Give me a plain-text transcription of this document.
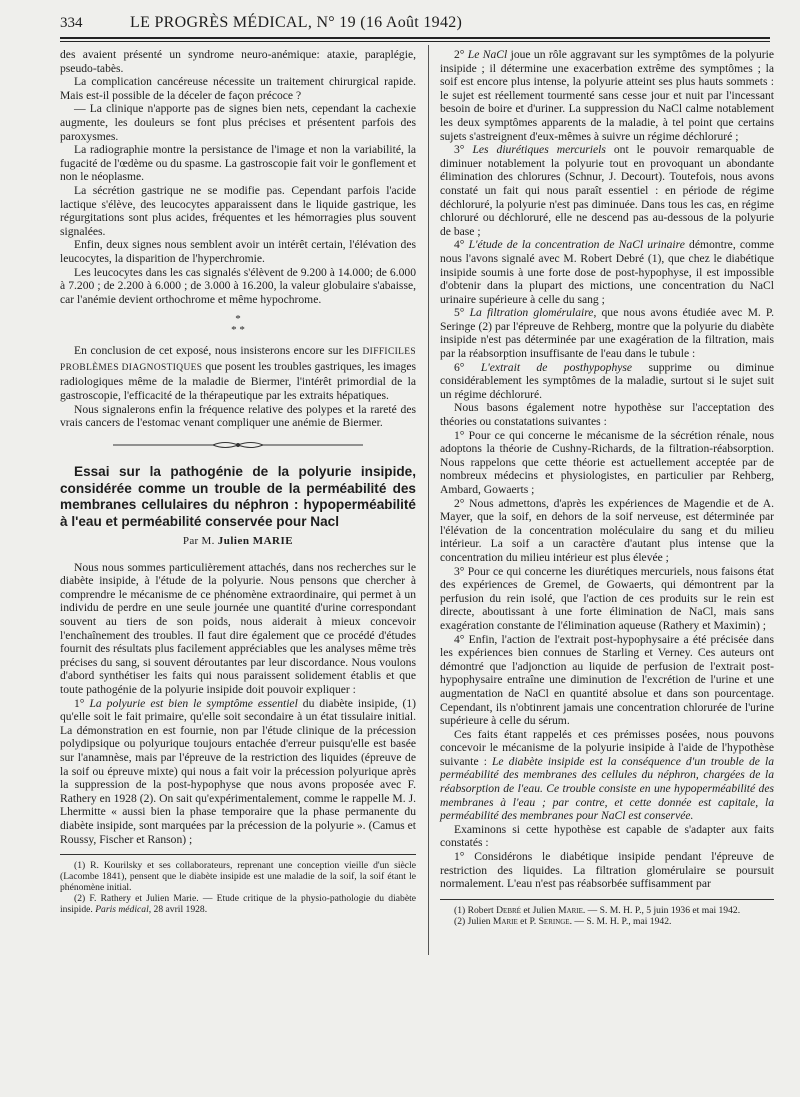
334	LE PROGRÈS MÉDICAL, N° 19 (16 Août 1942)

des avaient présenté un syndrome neuro-anémique: ataxie, paraplégie, pseudo-tabès.

La complication cancéreuse nécessite un traitement chirurgical rapide. Mais est-il possible de la déceler de façon précoce ?

— La clinique n'apporte pas de signes bien nets, cependant la cachexie augmente, les douleurs se font plus précises et présentent parfois des paroxysmes.

La radiographie montre la persistance de l'image et non la variabilité, la fugacité de l'œdème ou du spasme. La gastroscopie fait voir le gonflement et non le néoplasme.

La sécrétion gastrique ne se modifie pas. Cependant parfois l'acide lactique s'élève, des leucocytes apparaissent dans le liquide gastrique, les régurgitations sont plus acides, fréquentes et les hémorragies plus souvent signalées.

Enfin, deux signes nous semblent avoir un intérêt certain, l'élévation des leucocytes, la disparition de l'hyperchromie.

Les leucocytes dans les cas signalés s'élèvent de 9.200 à 14.000; de 6.000 à 7.200 ; de 2.200 à 6.000 ; de 3.000 à 16.200, la valeur globulaire s'abaisse, car l'anémie devient orthochrome et même hypochrome.

*
* *

En conclusion de cet exposé, nous insisterons encore sur les DIFFICILES PROBLÈMES DIAGNOSTIQUES que posent les troubles gastriques, les images radiologiques même de la maladie de Biermer, l'intérêt primordial de la gastroscopie, l'efficacité de la thérapeutique par les extraits hépatiques.

Nous signalerons enfin la fréquence relative des polypes et la rareté des vrais cancers de l'estomac venant compliquer une anémie de Biermer.

Essai sur la pathogénie de la polyurie insipide, considérée comme un trouble de la perméabilité des membranes cellulaires du néphron : hypoperméabilité à l'eau et perméabilité conservée pour Nacl

Par M. Julien MARIE

Nous nous sommes particulièrement attachés, dans nos recherches sur le diabète insipide, à l'étude de la polyurie. Nous pensons que chercher à comprendre le mécanisme de ce phénomène extraordinaire, qui permet à un individu de perdre en une seule journée une quantité d'urine correspondant souvent au tiers de son poids, nous aiderait à mieux concevoir l'enchaînement des troubles. Il faut dire également que ce procédé d'études fournit des résultats plus facilement appréciables que les analyses même très précises du sang, si souvent déroutantes par leur discordance. Nous voulons d'abord synthétiser les faits qui nous paraissent solidement établis et que toute pathogénie de la polyurie insipide doit pouvoir expliquer :

1° La polyurie est bien le symptôme essentiel du diabète insipide, (1) qu'elle soit le fait primaire, qu'elle soit secondaire à un état tissulaire initial. La démonstration en est fournie, non par l'étude clinique de la précession polydipsique ou polyurique toujours entachée d'erreur puisqu'elle est basée sur l'anamnèse, mais par l'épreuve de la restriction des liquides (épreuve de la soif ou épreuve mixte) qui nous a fait voir la précession polyurique après la suppression de la post-hypophyse que nous avons proposée avec F. Rathery en 1928 (2). On sait qu'expérimentalement, comme le rappelle M. J. Lhermitte « aussi bien la phase temporaire que la phase permanente du diabète insipide, sont marquées par la précession de la polyurie ». (Camus et Roussy, Fischer et Ranson) ;

(1) R. Kourilsky et ses collaborateurs, reprenant une conception vieille d'un siècle (Lacombe 1841), pensent que le diabète insipide est une maladie de la soif, la soif étant le phénomène initial.

(2) F. Rathery et Julien Marie. — Etude critique de la physio-pathologie du diabète insipide. Paris médical, 28 avril 1928.

2° Le NaCl joue un rôle aggravant sur les symptômes de la polyurie insipide ; il détermine une exacerbation extrême des symptômes ; la soif est encore plus intense, la polyurie atteint ses plus hauts sommets : le sujet est réellement tourmenté sans cesse jour et nuit par l'incessant besoin de boire et d'uriner. La suppression du NaCl calme notablement les deux symptômes apparents de la maladie, à tel point que certains sujets s'astreignent d'eux-mêmes à suivre un régime déchloruré ;

3° Les diurétiques mercuriels ont le pouvoir remarquable de diminuer notablement la polyurie tout en provoquant un abondante élimination des chlorures (Schnur, J. Decourt). Toutefois, nous avons constaté un fait qui nous paraît essentiel : en période de régime déchloruré, la polyurie n'est pas diminuée. Dans tous les cas, en régime chloruré ou déchloruré, elle ne descend pas au-dessous de la polyurie de base ;

4° L'étude de la concentration de NaCl urinaire démontre, comme nous l'avons signalé avec M. Robert Debré (1), que chez le diabétique insipide soumis à une forte dose de post-hypophyse, il est impossible d'obtenir dans la plupart des mictions, une concentration du NaCl urinaire supérieure à celle du sang ;

5° La filtration glomérulaire, que nous avons étudiée avec M. P. Seringe (2) par l'épreuve de Rehberg, montre que la polyurie du diabète insipide n'est pas déterminée par une exagération de la filtration, mais par la réabsorption insuffisante de l'eau dans le tubule :

6° L'extrait de posthypophyse supprime ou diminue considérablement les symptômes de la maladie, surtout si le sujet suit un régime déchloruré.

Nous basons également notre hypothèse sur l'acceptation des théories ou constatations suivantes :

1° Pour ce qui concerne le mécanisme de la sécrétion rénale, nous adoptons la théorie de Cushny-Richards, de la filtration-réabsorption. Nous rappelons que cette théorie est actuellement acceptée par de nombreux médecins et physiologistes, en particulier par Rehberg, Ambard, Gowaerts ;

2° Nous admettons, d'après les expériences de Magendie et de A. Mayer, que la soif, en dehors de la soif nerveuse, est déterminée par l'élévation de la concentration moléculaire du sang et du milieu intérieur. La soif a un caractère d'autant plus intense que la concentration du milieu intérieur est plus élevée ;

3° Pour ce qui concerne les diurétiques mercuriels, nous faisons état des expériences de Gremel, de Gowaerts, qui démontrent par la perfusion du rein isolé, que l'action de ces produits sur le rein est directe, aboutissant à une forte élimination de NaCl, mais sans exagération constante de l'élimination aqueuse (Rathery et Maximin) ;

4° Enfin, l'action de l'extrait post-hypophysaire a été précisée dans les expériences bien connues de Starling et Verney. Ces auteurs ont démontré que l'adjonction au liquide de perfusion de l'extrait post-hypophysaire entraîne une diminution de l'excrétion de l'urine et une augmentation de NaCl en quantité absolue et dans son pourcentage. Cependant, ils n'obtinrent jamais une concentration chlorurée de l'urine supérieure à celle du sérum.

Ces faits étant rappelés et ces prémisses posées, nous pouvons concevoir le mécanisme de la polyurie insipide à l'aide de l'hypothèse suivante : Le diabète insipide est la conséquence d'un trouble de la perméabilité des membranes des cellules du néphron, chargées de la réabsorption de l'eau. Ce trouble consiste en une hypoperméabilité des membranes à l'eau ; par contre, et cette donnée est capitale, la perméabilité des membranes pour NaCl est conservée.

Examinons si cette hypothèse est capable de s'adapter aux faits constatés :

1° Considérons le diabétique insipide pendant l'épreuve de restriction des liquides. La filtration glomérulaire se poursuit normalement. L'eau n'est pas réabsorbée suffisamment par

(1) Robert Debré et Julien Marie. — S. M. H. P., 5 juin 1936 et mai 1942.

(2) Julien Marie et P. Seringe. — S. M. H. P., mai 1942.
